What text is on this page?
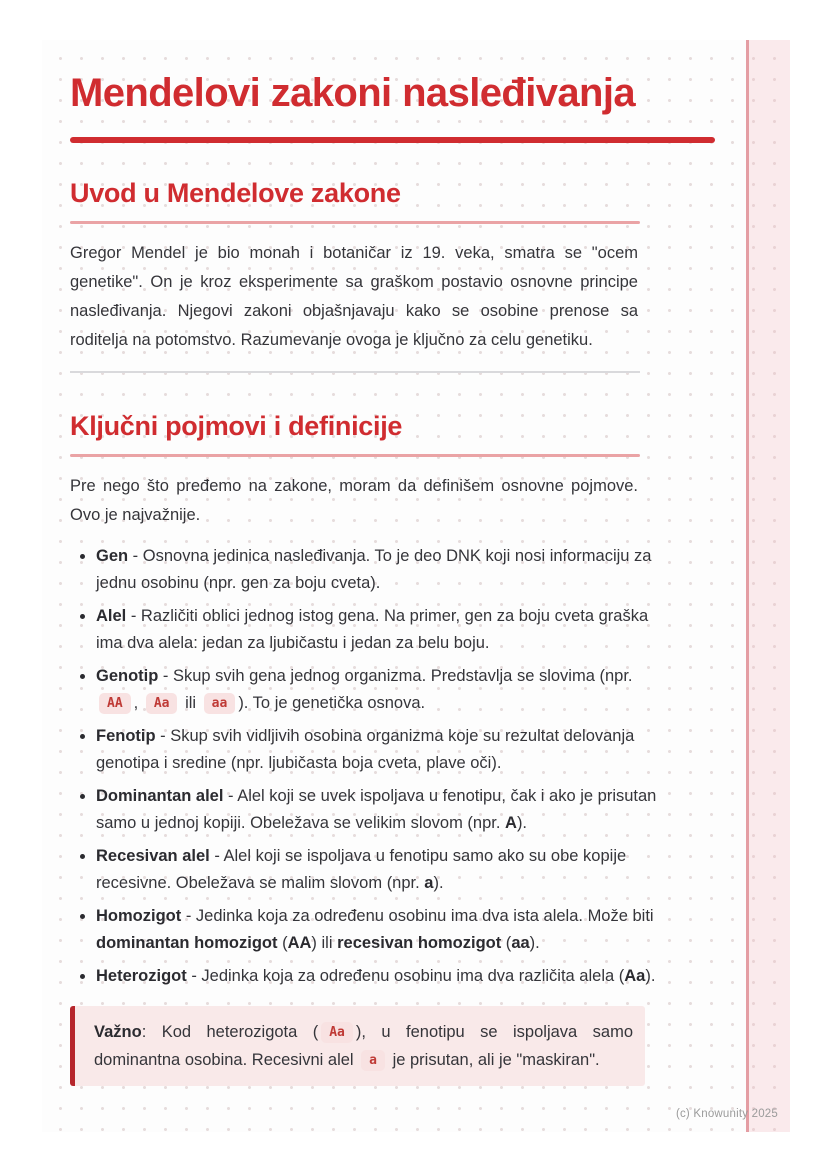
Mendelovi zakoni nasleđivanja
Uvod u Mendelove zakone

Gregor Mendel je bio monah i botaničar iz 19. veka, smatra se "ocem genetike". On je kroz eksperimente sa graškom postavio osnovne principe nasleđivanja. Njegovi zakoni objašnjavaju kako se osobine prenose sa roditelja na potomstvo. Razumevanje ovoga je ključno za celu genetiku.

Ključni pojmovi i definicije

Pre nego što pređemo na zakone, moram da definišem osnovne pojmove. Ovo je najvažnije.

• Gen - Osnovna jedinica nasleđivanja. To je deo DNK koji nosi informaciju za jednu osobinu (npr. gen za boju cveta).
• Alel - Različiti oblici jednog istog gena. Na primer, gen za boju cveta graška ima dva alela: jedan za ljubičastu i jedan za belu boju.
• Genotip - Skup svih gena jednog organizma. Predstavlja se slovima (npr. AA , Aa ili aa ). To je genetička osnova.
• Fenotip - Skup svih vidljivih osobina organizma koje su rezultat delovanja genotipa i sredine (npr. ljubičasta boja cveta, plave oči).
• Dominantan alel - Alel koji se uvek ispoljava u fenotipu, čak i ako je prisutan samo u jednoj kopiji. Obeležava se velikim slovom (npr. A).
• Recesivan alel - Alel koji se ispoljava u fenotipu samo ako su obe kopije recesivne. Obeležava se malim slovom (npr. a).
• Homozigot - Jedinka koja za određenu osobinu ima dva ista alela. Može biti dominantan homozigot (AA) ili recesivan homozigot (aa).
• Heterozigot - Jedinka koja za određenu osobinu ima dva različita alela (Aa).

Važno: Kod heterozigota ( Aa ), u fenotipu se ispoljava samo dominantna osobina. Recesivni alel a je prisutan, ali je "maskiran".

(c) Knowunity 2025
